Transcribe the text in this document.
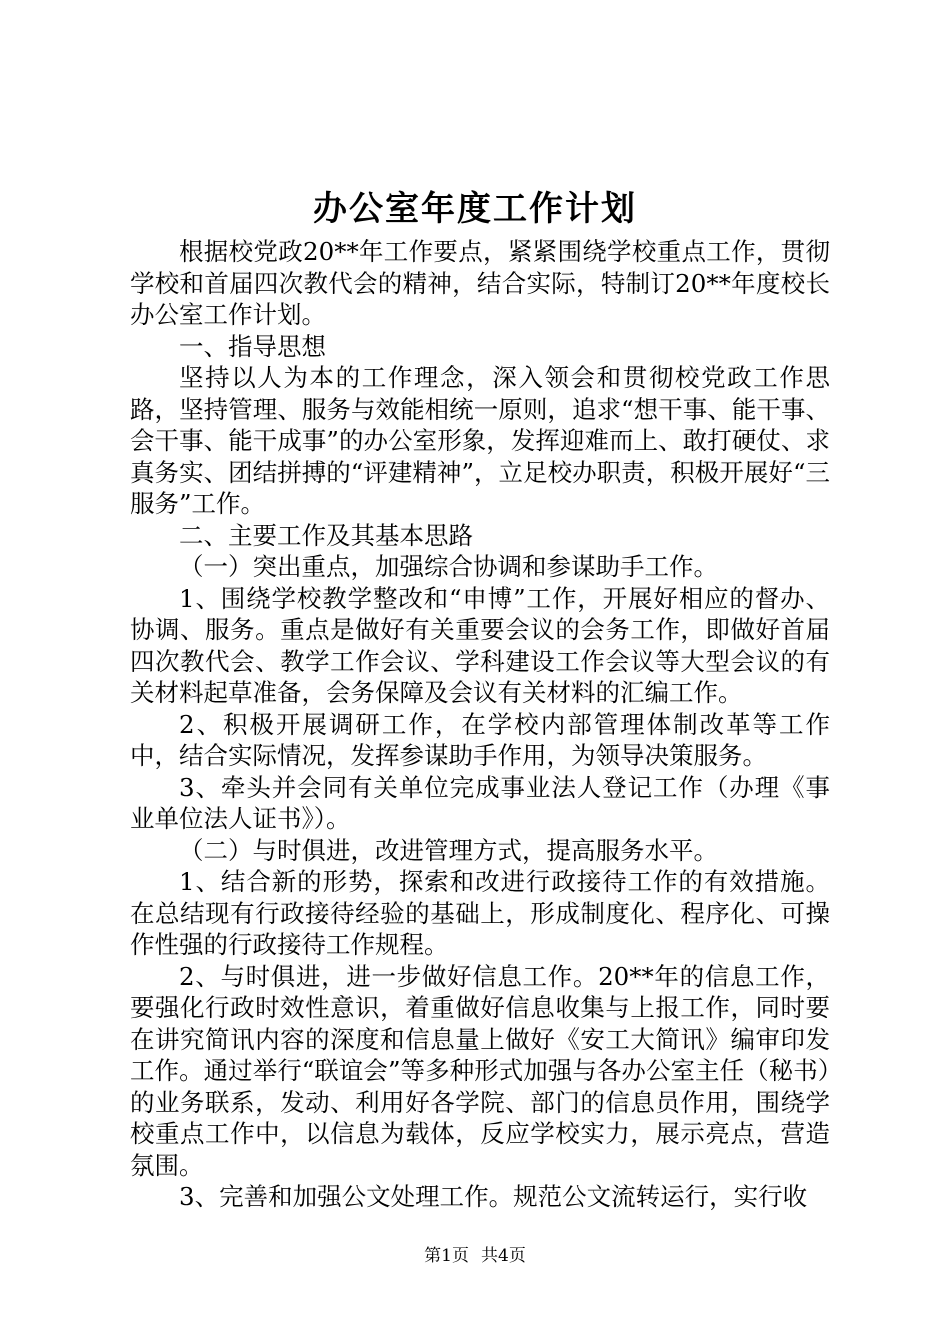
办公室年度工作计划

根据校党政20**年工作要点，紧紧围绕学校重点工作，贯彻学校和首届四次教代会的精神，结合实际，特制订20**年度校长办公室工作计划。

一、指导思想

坚持以人为本的工作理念，深入领会和贯彻校党政工作思路，坚持管理、服务与效能相统一原则，追求“想干事、能干事、会干事、能干成事”的办公室形象，发挥迎难而上、敢打硬仗、求真务实、团结拼搏的“评建精神”，立足校办职责，积极开展好“三服务”工作。

二、主要工作及其基本思路

（一）突出重点，加强综合协调和参谋助手工作。

1、围绕学校教学整改和“申博”工作，开展好相应的督办、协调、服务。重点是做好有关重要会议的会务工作，即做好首届四次教代会、教学工作会议、学科建设工作会议等大型会议的有关材料起草准备，会务保障及会议有关材料的汇编工作。

2、积极开展调研工作，在学校内部管理体制改革等工作中，结合实际情况，发挥参谋助手作用，为领导决策服务。

3、牵头并会同有关单位完成事业法人登记工作（办理《事业单位法人证书》）。

（二）与时俱进，改进管理方式，提高服务水平。

1、结合新的形势，探索和改进行政接待工作的有效措施。在总结现有行政接待经验的基础上，形成制度化、程序化、可操作性强的行政接待工作规程。

2、与时俱进，进一步做好信息工作。20**年的信息工作，要强化行政时效性意识，着重做好信息收集与上报工作，同时要在讲究简讯内容的深度和信息量上做好《安工大简讯》编审印发工作。通过举行“联谊会”等多种形式加强与各办公室主任（秘书）的业务联系，发动、利用好各学院、部门的信息员作用，围绕学校重点工作中，以信息为载体，反应学校实力，展示亮点，营造氛围。

3、完善和加强公文处理工作。规范公文流转运行，实行收

第1页 共4页
